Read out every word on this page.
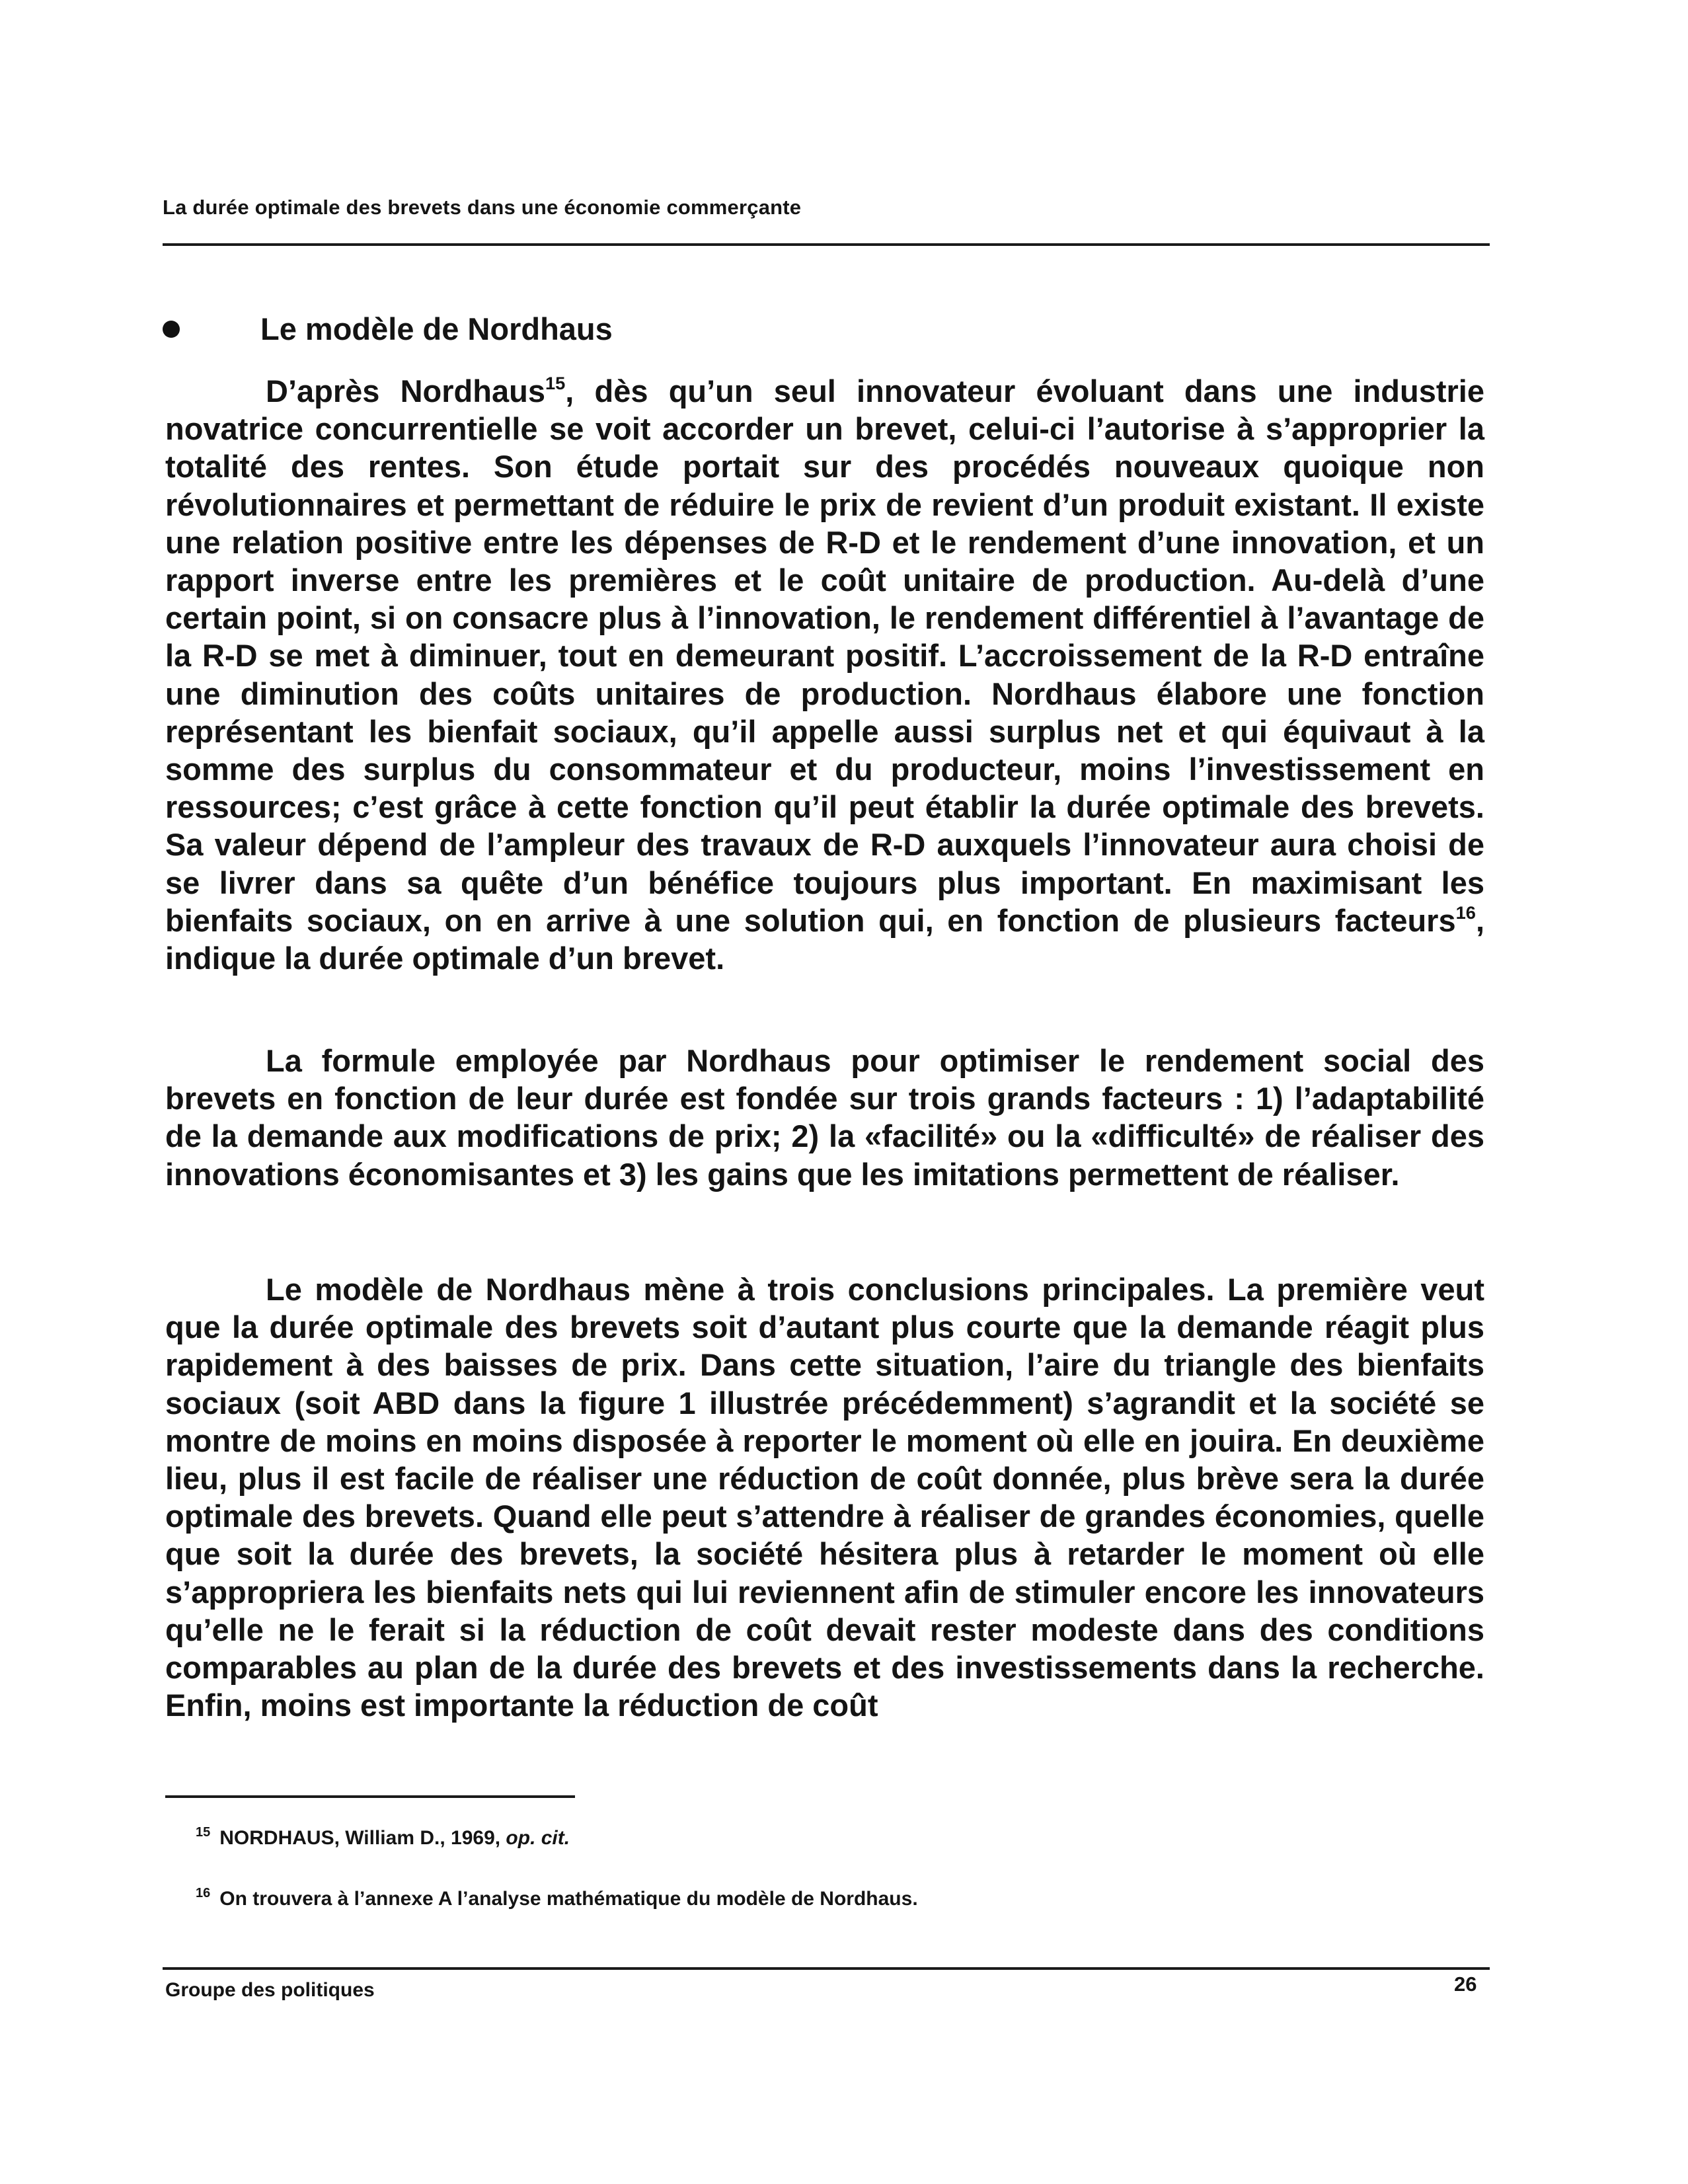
La durée optimale des brevets dans une économie commerçante
Le modèle de Nordhaus

D’après Nordhaus$^{15}$, dès qu’un seul innovateur évoluant dans une industrie novatrice concurrentielle se voit accorder un brevet, celui-ci l’autorise à s’approprier la totalité des rentes. Son étude portait sur des procédés nouveaux quoique non révolutionnaires et permettant de réduire le prix de revient d’un produit existant. Il existe une relation positive entre les dépenses de R-D et le rendement d’une innovation, et un rapport inverse entre les premières et le coût unitaire de production. Au-delà d’une certain point, si on consacre plus à l’innovation, le rendement différentiel à l’avantage de la R-D se met à diminuer, tout en demeurant positif. L’accroissement de la R-D entraîne une diminution des coûts unitaires de production. Nordhaus élabore une fonction représentant les bienfait sociaux, qu’il appelle aussi surplus net et qui équivaut à la somme des surplus du consommateur et du producteur, moins l’investissement en ressources; c’est grâce à cette fonction qu’il peut établir la durée optimale des brevets. Sa valeur dépend de l’ampleur des travaux de R-D auxquels l’innovateur aura choisi de se livrer dans sa quête d’un bénéfice toujours plus important. En maximisant les bienfaits sociaux, on en arrive à une solution qui, en fonction de plusieurs facteurs$^{16}$, indique la durée optimale d’un brevet.

La formule employée par Nordhaus pour optimiser le rendement social des brevets en fonction de leur durée est fondée sur trois grands facteurs : 1) l’adaptabilité de la demande aux modifications de prix; 2) la «facilité» ou la «difficulté» de réaliser des innovations économisantes et 3) les gains que les imitations permettent de réaliser.

Le modèle de Nordhaus mène à trois conclusions principales. La première veut que la durée optimale des brevets soit d’autant plus courte que la demande réagit plus rapidement à des baisses de prix. Dans cette situation, l’aire du triangle des bienfaits sociaux (soit ABD dans la figure 1 illustrée précédemment) s’agrandit et la société se montre de moins en moins disposée à reporter le moment où elle en jouira. En deuxième lieu, plus il est facile de réaliser une réduction de coût donnée, plus brève sera la durée optimale des brevets. Quand elle peut s’attendre à réaliser de grandes économies, quelle que soit la durée des brevets, la société hésitera plus à retarder le moment où elle s’appropriera les bienfaits nets qui lui reviennent afin de stimuler encore les innovateurs qu’elle ne le ferait si la réduction de coût devait rester modeste dans des conditions comparables au plan de la durée des brevets et des investissements dans la recherche. Enfin, moins est importante la réduction de coût

$^{15}$ NORDHAUS, William D., 1969, op. cit.

$^{16}$ On trouvera à l’annexe A l’analyse mathématique du modèle de Nordhaus.

Groupe des politiques	26
